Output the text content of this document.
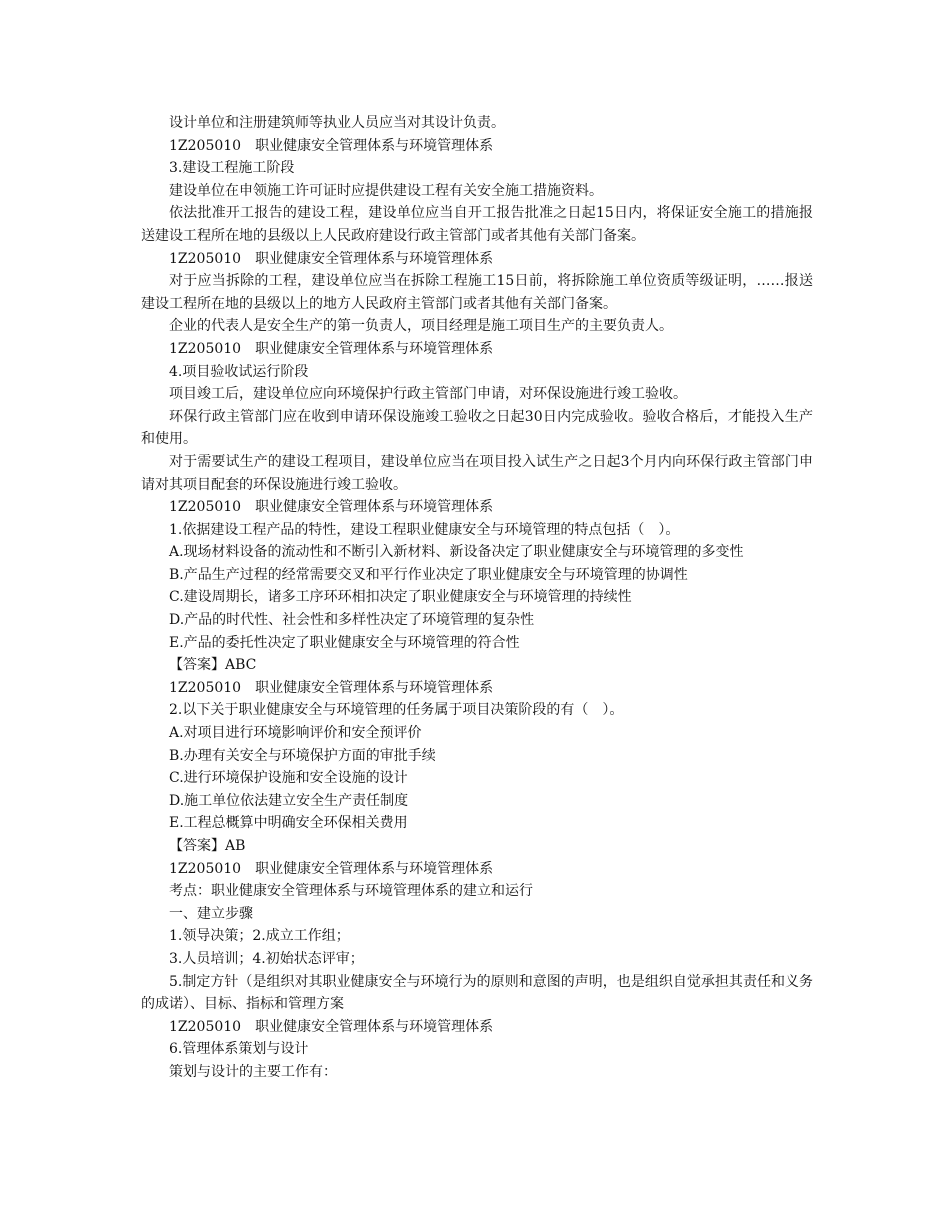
设计单位和注册建筑师等执业人员应当对其设计负责。

1Z205010　职业健康安全管理体系与环境管理体系

3.建设工程施工阶段

建设单位在申领施工许可证时应提供建设工程有关安全施工措施资料。

依法批准开工报告的建设工程，建设单位应当自开工报告批准之日起15日内，将保证安全施工的措施报送建设工程所在地的县级以上人民政府建设行政主管部门或者其他有关部门备案。

1Z205010　职业健康安全管理体系与环境管理体系

对于应当拆除的工程，建设单位应当在拆除工程施工15日前，将拆除施工单位资质等级证明，……报送建设工程所在地的县级以上的地方人民政府主管部门或者其他有关部门备案。

企业的代表人是安全生产的第一负责人，项目经理是施工项目生产的主要负责人。

1Z205010　职业健康安全管理体系与环境管理体系

4.项目验收试运行阶段

项目竣工后，建设单位应向环境保护行政主管部门申请，对环保设施进行竣工验收。

环保行政主管部门应在收到申请环保设施竣工验收之日起30日内完成验收。验收合格后，才能投入生产和使用。

对于需要试生产的建设工程项目，建设单位应当在项目投入试生产之日起3个月内向环保行政主管部门申请对其项目配套的环保设施进行竣工验收。

1Z205010　职业健康安全管理体系与环境管理体系

1.依据建设工程产品的特性，建设工程职业健康安全与环境管理的特点包括（　）。

A.现场材料设备的流动性和不断引入新材料、新设备决定了职业健康安全与环境管理的多变性

B.产品生产过程的经常需要交叉和平行作业决定了职业健康安全与环境管理的协调性

C.建设周期长，诸多工序环环相扣决定了职业健康安全与环境管理的持续性

D.产品的时代性、社会性和多样性决定了环境管理的复杂性

E.产品的委托性决定了职业健康安全与环境管理的符合性

【答案】ABC

1Z205010　职业健康安全管理体系与环境管理体系

2.以下关于职业健康安全与环境管理的任务属于项目决策阶段的有（　）。

A.对项目进行环境影响评价和安全预评价

B.办理有关安全与环境保护方面的审批手续

C.进行环境保护设施和安全设施的设计

D.施工单位依法建立安全生产责任制度

E.工程总概算中明确安全环保相关费用

【答案】AB

1Z205010　职业健康安全管理体系与环境管理体系

考点：职业健康安全管理体系与环境管理体系的建立和运行

一、建立步骤

1.领导决策；2.成立工作组；

3.人员培训；4.初始状态评审；

5.制定方针（是组织对其职业健康安全与环境行为的原则和意图的声明，也是组织自觉承担其责任和义务的成诺）、目标、指标和管理方案

1Z205010　职业健康安全管理体系与环境管理体系

6.管理体系策划与设计

策划与设计的主要工作有：
